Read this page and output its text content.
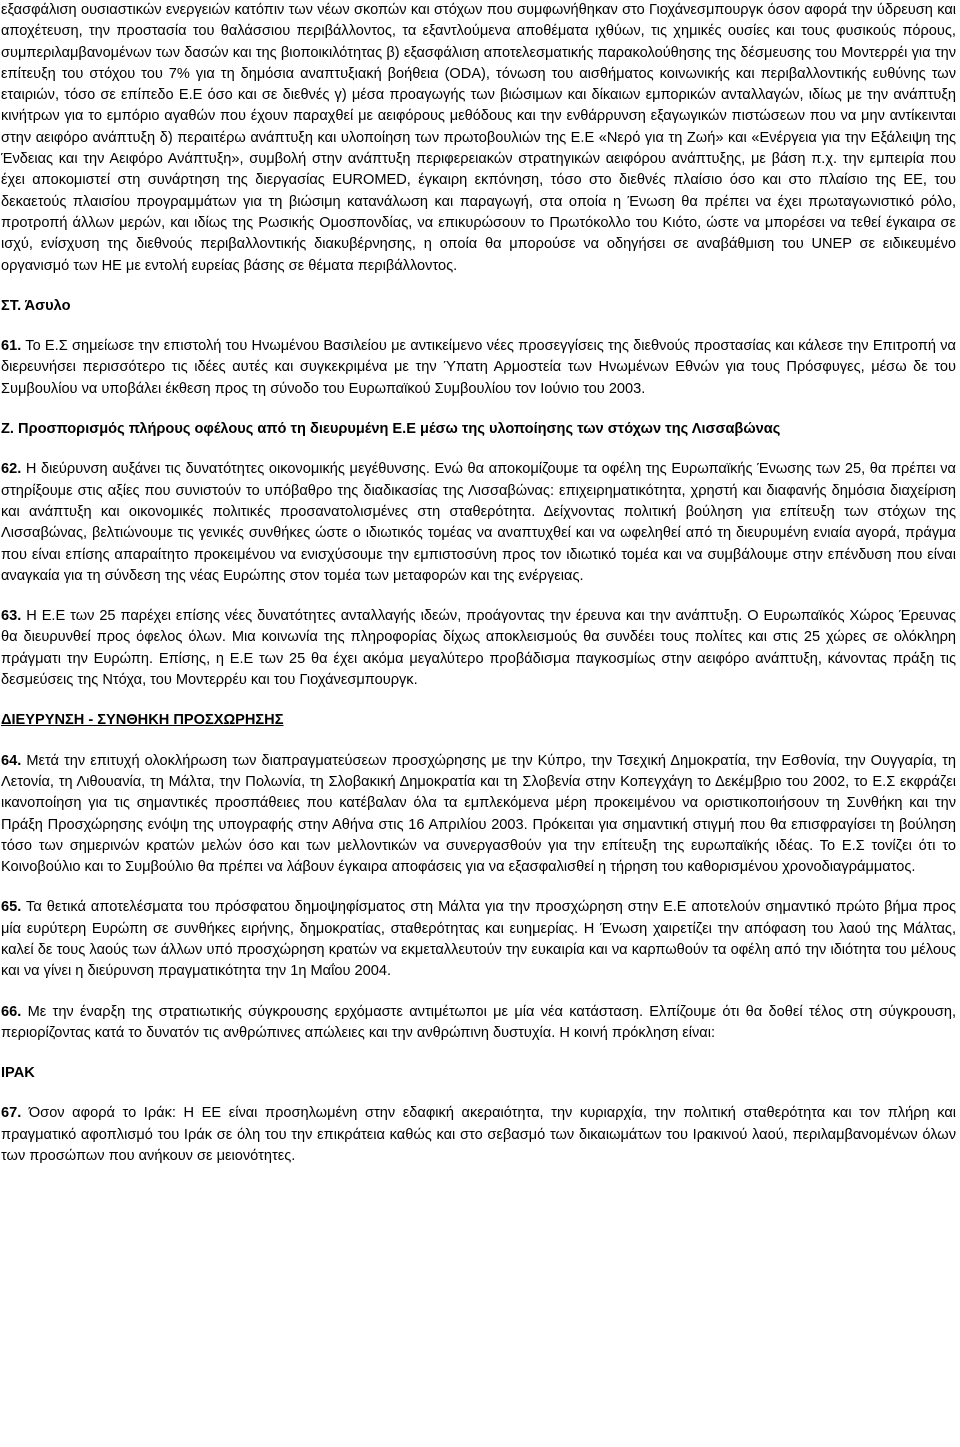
εξασφάλιση ουσιαστικών ενεργειών κατόπιν των νέων σκοπών και στόχων που συμφωνήθηκαν στο Γιοχάνεσμπουργκ όσον αφορά την ύδρευση και αποχέτευση, την προστασία του θαλάσσιου περιβάλλοντος, τα εξαντλούμενα αποθέματα ιχθύων, τις χημικές ουσίες και τους φυσικούς πόρους, συμπεριλαμβανομένων των δασών και της βιοποικιλότητας β) εξασφάλιση αποτελεσματικής παρακολούθησης της δέσμευσης του Μοντερρέι για την επίτευξη του στόχου του 7% για τη δημόσια αναπτυξιακή βοήθεια (ODA), τόνωση του αισθήματος κοινωνικής και περιβαλλοντικής ευθύνης των εταιριών, τόσο σε επίπεδο Ε.Ε όσο και σε διεθνές γ) μέσα προαγωγής των βιώσιμων και δίκαιων εμπορικών ανταλλαγών, ιδίως με την ανάπτυξη κινήτρων για το εμπόριο αγαθών που έχουν παραχθεί με αειφόρους μεθόδους και την ενθάρρυνση εξαγωγικών πιστώσεων που να μην αντίκεινται στην αειφόρο ανάπτυξη δ) περαιτέρω ανάπτυξη και υλοποίηση των πρωτοβουλιών της Ε.Ε «Νερό για τη Ζωή» και «Ενέργεια για την Εξάλειψη της Ένδειας και την Αειφόρο Ανάπτυξη», συμβολή στην ανάπτυξη περιφερειακών στρατηγικών αειφόρου ανάπτυξης, με βάση π.χ. την εμπειρία που έχει αποκομιστεί στη συνάρτηση της διεργασίας EUROMED, έγκαιρη εκπόνηση, τόσο στο διεθνές πλαίσιο όσο και στο πλαίσιο της ΕΕ, του δεκαετούς πλαισίου προγραμμάτων για τη βιώσιμη κατανάλωση και παραγωγή, στα οποία η Ένωση θα πρέπει να έχει πρωταγωνιστικό ρόλο, προτροπή άλλων μερών, και ιδίως της Ρωσικής Ομοσπονδίας, να επικυρώσουν το Πρωτόκολλο του Κιότο, ώστε να μπορέσει να τεθεί έγκαιρα σε ισχύ, ενίσχυση της διεθνούς περιβαλλοντικής διακυβέρνησης, η οποία θα μπορούσε να οδηγήσει σε αναβάθμιση του UNEP σε ειδικευμένο οργανισμό των ΗΕ με εντολή ευρείας βάσης σε θέματα περιβάλλοντος.

ΣΤ. Άσυλο

61. Το Ε.Σ σημείωσε την επιστολή του Ηνωμένου Βασιλείου με αντικείμενο νέες προσεγγίσεις της διεθνούς προστασίας και κάλεσε την Επιτροπή να διερευνήσει περισσότερο τις ιδέες αυτές και συγκεκριμένα με την Ύπατη Αρμοστεία των Ηνωμένων Εθνών για τους Πρόσφυγες, μέσω δε του Συμβουλίου να υποβάλει έκθεση προς τη σύνοδο του Ευρωπαϊκού Συμβουλίου τον Ιούνιο του 2003.

Ζ. Προσπορισμός πλήρους οφέλους από τη διευρυμένη Ε.Ε μέσω της υλοποίησης των στόχων της Λισσαβώνας

62. Η διεύρυνση αυξάνει τις δυνατότητες οικονομικής μεγέθυνσης. Ενώ θα αποκομίζουμε τα οφέλη της Ευρωπαϊκής Ένωσης των 25, θα πρέπει να στηρίξουμε στις αξίες που συνιστούν το υπόβαθρο της διαδικασίας της Λισσαβώνας: επιχειρηματικότητα, χρηστή και διαφανής δημόσια διαχείριση και ανάπτυξη και οικονομικές πολιτικές προσανατολισμένες στη σταθερότητα. Δείχνοντας πολιτική βούληση για επίτευξη των στόχων της Λισσαβώνας, βελτιώνουμε τις γενικές συνθήκες ώστε ο ιδιωτικός τομέας να αναπτυχθεί και να ωφεληθεί από τη διευρυμένη ενιαία αγορά, πράγμα που είναι επίσης απαραίτητο προκειμένου να ενισχύσουμε την εμπιστοσύνη προς τον ιδιωτικό τομέα και να συμβάλουμε στην επένδυση που είναι αναγκαία για τη σύνδεση της νέας Ευρώπης στον τομέα των μεταφορών και της ενέργειας.

63. Η Ε.Ε των 25 παρέχει επίσης νέες δυνατότητες ανταλλαγής ιδεών, προάγοντας την έρευνα και την ανάπτυξη. Ο Ευρωπαϊκός Χώρος Έρευνας θα διευρυνθεί προς όφελος όλων. Μια κοινωνία της πληροφορίας δίχως αποκλεισμούς θα συνδέει τους πολίτες και στις 25 χώρες σε ολόκληρη πράγματι την Ευρώπη. Επίσης, η Ε.Ε των 25 θα έχει ακόμα μεγαλύτερο προβάδισμα παγκοσμίως στην αειφόρο ανάπτυξη, κάνοντας πράξη τις δεσμεύσεις της Ντόχα, του Μοντερρέυ και του Γιοχάνεσμπουργκ.

ΔΙΕΥΡΥΝΣΗ - ΣΥΝΘΗΚΗ ΠΡΟΣΧΩΡΗΣΗΣ

64. Μετά την επιτυχή ολοκλήρωση των διαπραγματεύσεων προσχώρησης με την Κύπρο, την Τσεχική Δημοκρατία, την Εσθονία, την Ουγγαρία, τη Λετονία, τη Λιθουανία, τη Μάλτα, την Πολωνία, τη Σλοβακική Δημοκρατία και τη Σλοβενία στην Κοπεγχάγη το Δεκέμβριο του 2002, το Ε.Σ εκφράζει ικανοποίηση για τις σημαντικές προσπάθειες που κατέβαλαν όλα τα εμπλεκόμενα μέρη προκειμένου να οριστικοποιήσουν τη Συνθήκη και την Πράξη Προσχώρησης ενόψη της υπογραφής στην Αθήνα στις 16 Απριλίου 2003. Πρόκειται για σημαντική στιγμή που θα επισφραγίσει τη βούληση τόσο των σημερινών κρατών μελών όσο και των μελλοντικών να συνεργασθούν για την επίτευξη της ευρωπαϊκής ιδέας. Το Ε.Σ τονίζει ότι το Κοινοβούλιο και το Συμβούλιο θα πρέπει να λάβουν έγκαιρα αποφάσεις για να εξασφαλισθεί η τήρηση του καθορισμένου χρονοδιαγράμματος.

65. Τα θετικά αποτελέσματα του πρόσφατου δημοψηφίσματος στη Μάλτα για την προσχώρηση στην Ε.Ε αποτελούν σημαντικό πρώτο βήμα προς μία ευρύτερη Ευρώπη σε συνθήκες ειρήνης, δημοκρατίας, σταθερότητας και ευημερίας. Η Ένωση χαιρετίζει την απόφαση του λαού της Μάλτας, καλεί δε τους λαούς των άλλων υπό προσχώρηση κρατών να εκμεταλλευτούν την ευκαιρία και να καρπωθούν τα οφέλη από την ιδιότητα του μέλους και να γίνει η διεύρυνση πραγματικότητα την 1η Μαΐου 2004.

66. Με την έναρξη της στρατιωτικής σύγκρουσης ερχόμαστε αντιμέτωποι με μία νέα κατάσταση. Ελπίζουμε ότι θα δοθεί τέλος στη σύγκρουση, περιορίζοντας κατά το δυνατόν τις ανθρώπινες απώλειες και την ανθρώπινη δυστυχία. Η κοινή πρόκληση είναι:

ΙΡΑΚ

67. Όσον αφορά το Ιράκ: Η ΕΕ είναι προσηλωμένη στην εδαφική ακεραιότητα, την κυριαρχία, την πολιτική σταθερότητα και τον πλήρη και πραγματικό αφοπλισμό του Ιράκ σε όλη του την επικράτεια καθώς και στο σεβασμό των δικαιωμάτων του Ιρακινού λαού, περιλαμβανομένων όλων των προσώπων που ανήκουν σε μειονότητες.
